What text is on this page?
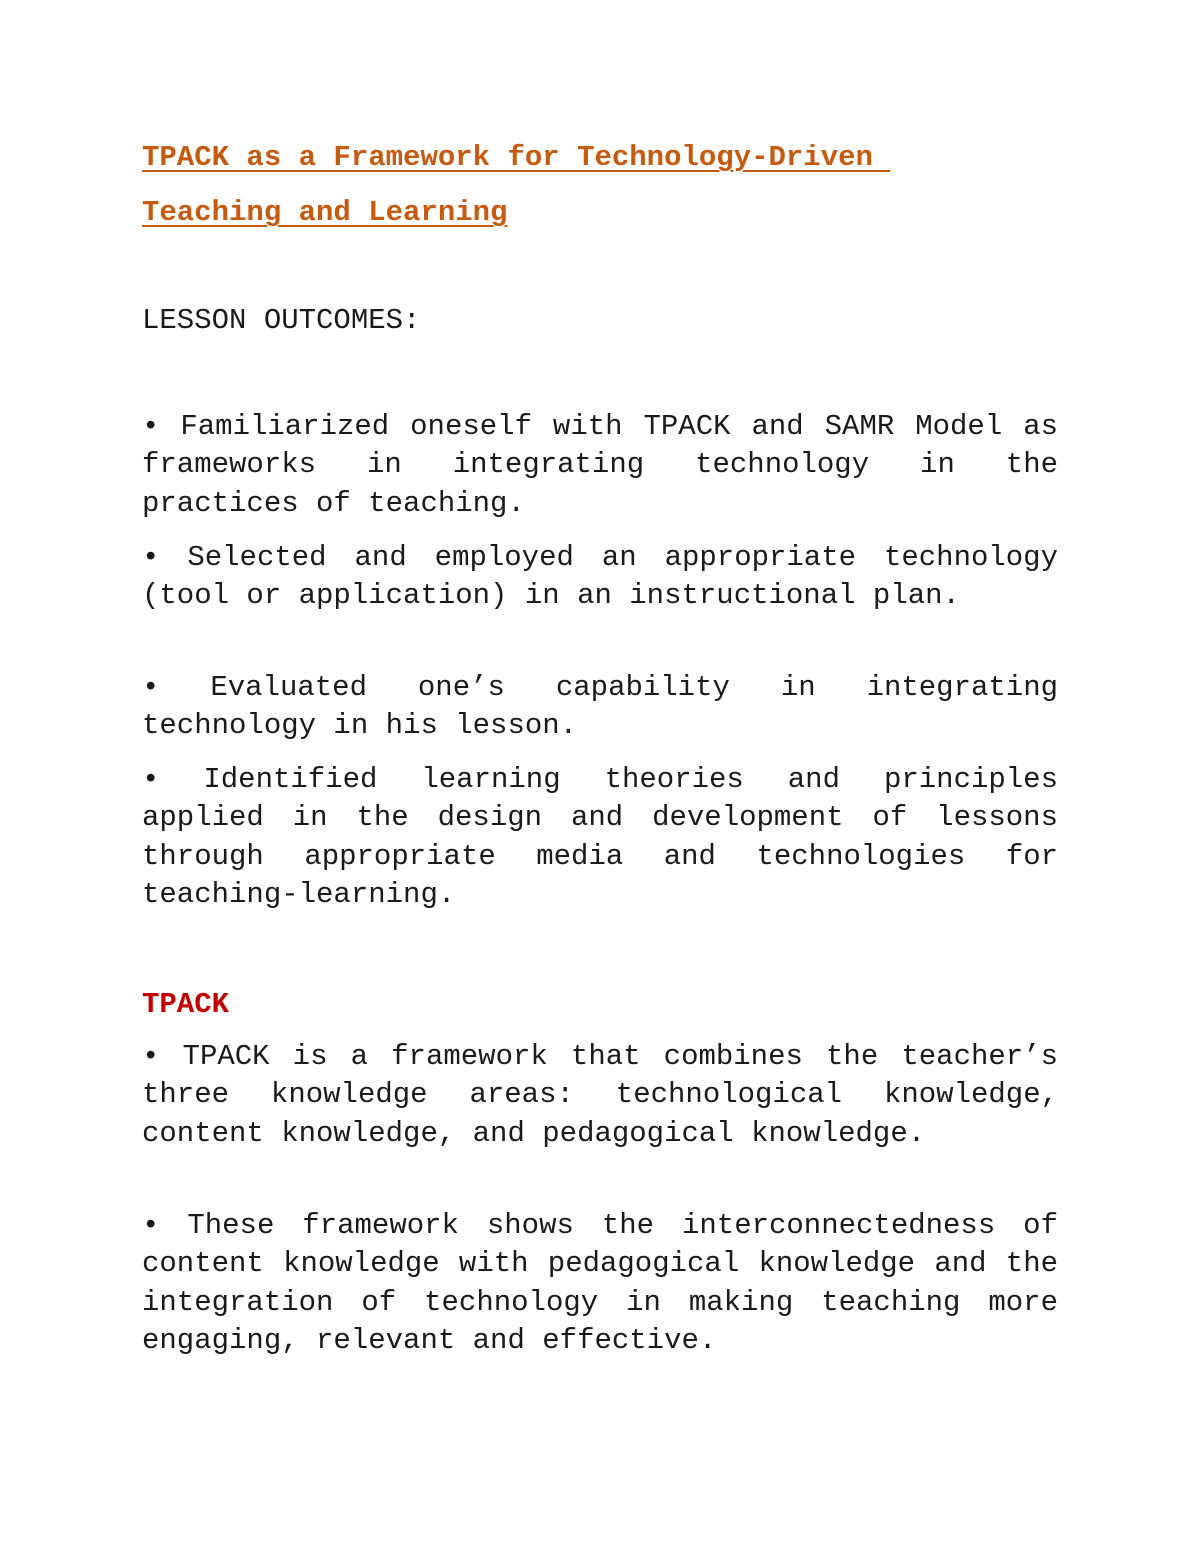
TPACK as a Framework for Technology-Driven

Teaching and Learning

LESSON OUTCOMES:

• Familiarized oneself with TPACK and SAMR Model as frameworks in integrating technology in the practices of teaching.

• Selected and employed an appropriate technology (tool or application) in an instructional plan.

• Evaluated one’s capability in integrating technology in his lesson.

• Identified learning theories and principles applied in the design and development of lessons through appropriate media and technologies for teaching-learning.

TPACK

• TPACK is a framework that combines the teacher’s three knowledge areas: technological knowledge, content knowledge, and pedagogical knowledge.

• These framework shows the interconnectedness of content knowledge with pedagogical knowledge and the integration of technology in making teaching more engaging, relevant and effective.
